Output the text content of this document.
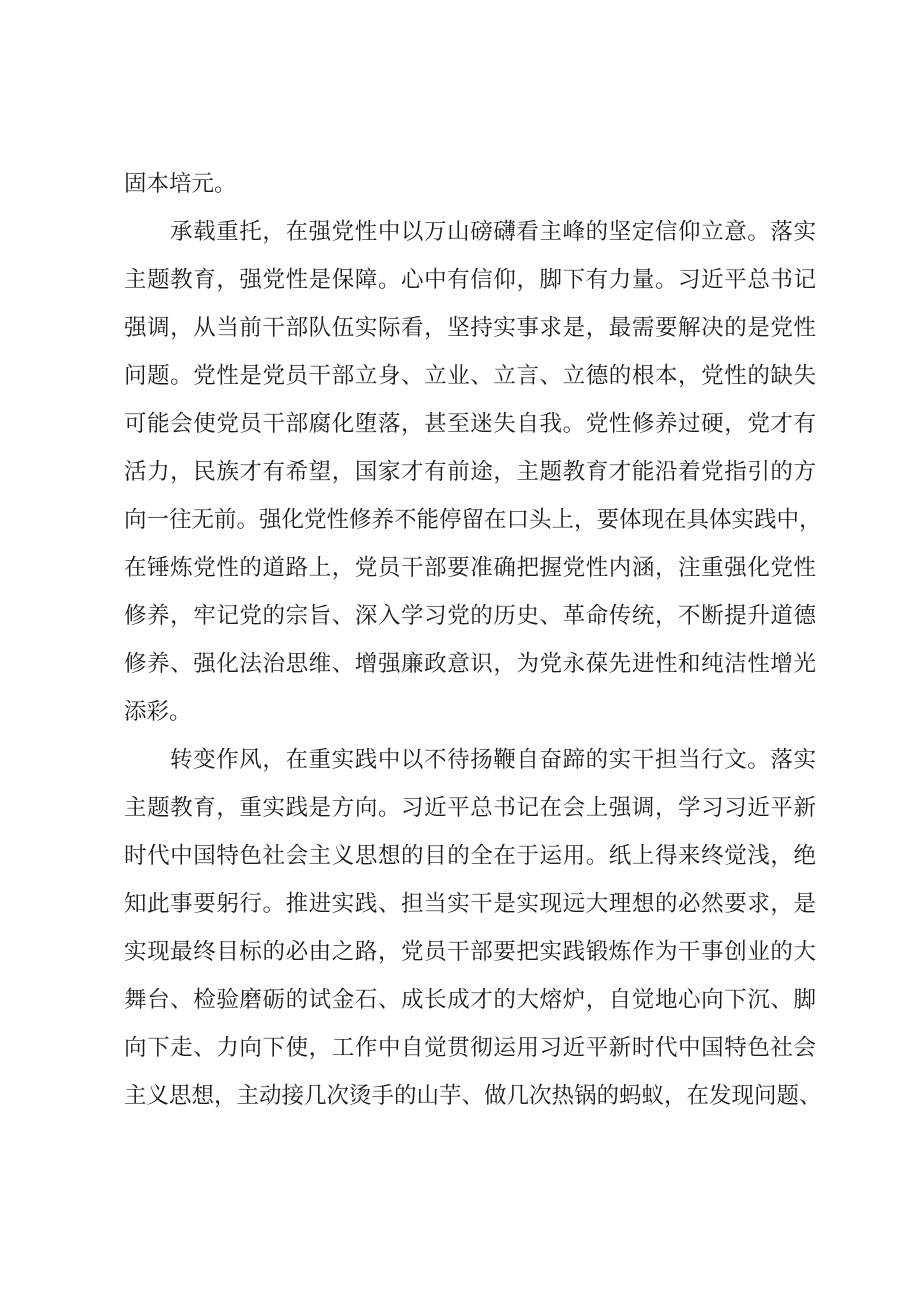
固本培元。
承载重托，在强党性中以万山磅礴看主峰的坚定信仰立意。落实
主题教育，强党性是保障。心中有信仰，脚下有力量。习近平总书记
强调，从当前干部队伍实际看，坚持实事求是，最需要解决的是党性
问题。党性是党员干部立身、立业、立言、立德的根本，党性的缺失
可能会使党员干部腐化堕落，甚至迷失自我。党性修养过硬，党才有
活力，民族才有希望，国家才有前途，主题教育才能沿着党指引的方
向一往无前。强化党性修养不能停留在口头上，要体现在具体实践中，
在锤炼党性的道路上，党员干部要准确把握党性内涵，注重强化党性
修养，牢记党的宗旨、深入学习党的历史、革命传统，不断提升道德
修养、强化法治思维、增强廉政意识，为党永葆先进性和纯洁性增光
添彩。
转变作风，在重实践中以不待扬鞭自奋蹄的实干担当行文。落实
主题教育，重实践是方向。习近平总书记在会上强调，学习习近平新
时代中国特色社会主义思想的目的全在于运用。纸上得来终觉浅，绝
知此事要躬行。推进实践、担当实干是实现远大理想的必然要求，是
实现最终目标的必由之路，党员干部要把实践锻炼作为干事创业的大
舞台、检验磨砺的试金石、成长成才的大熔炉，自觉地心向下沉、脚
向下走、力向下使，工作中自觉贯彻运用习近平新时代中国特色社会
主义思想，主动接几次烫手的山芋、做几次热锅的蚂蚁，在发现问题、
